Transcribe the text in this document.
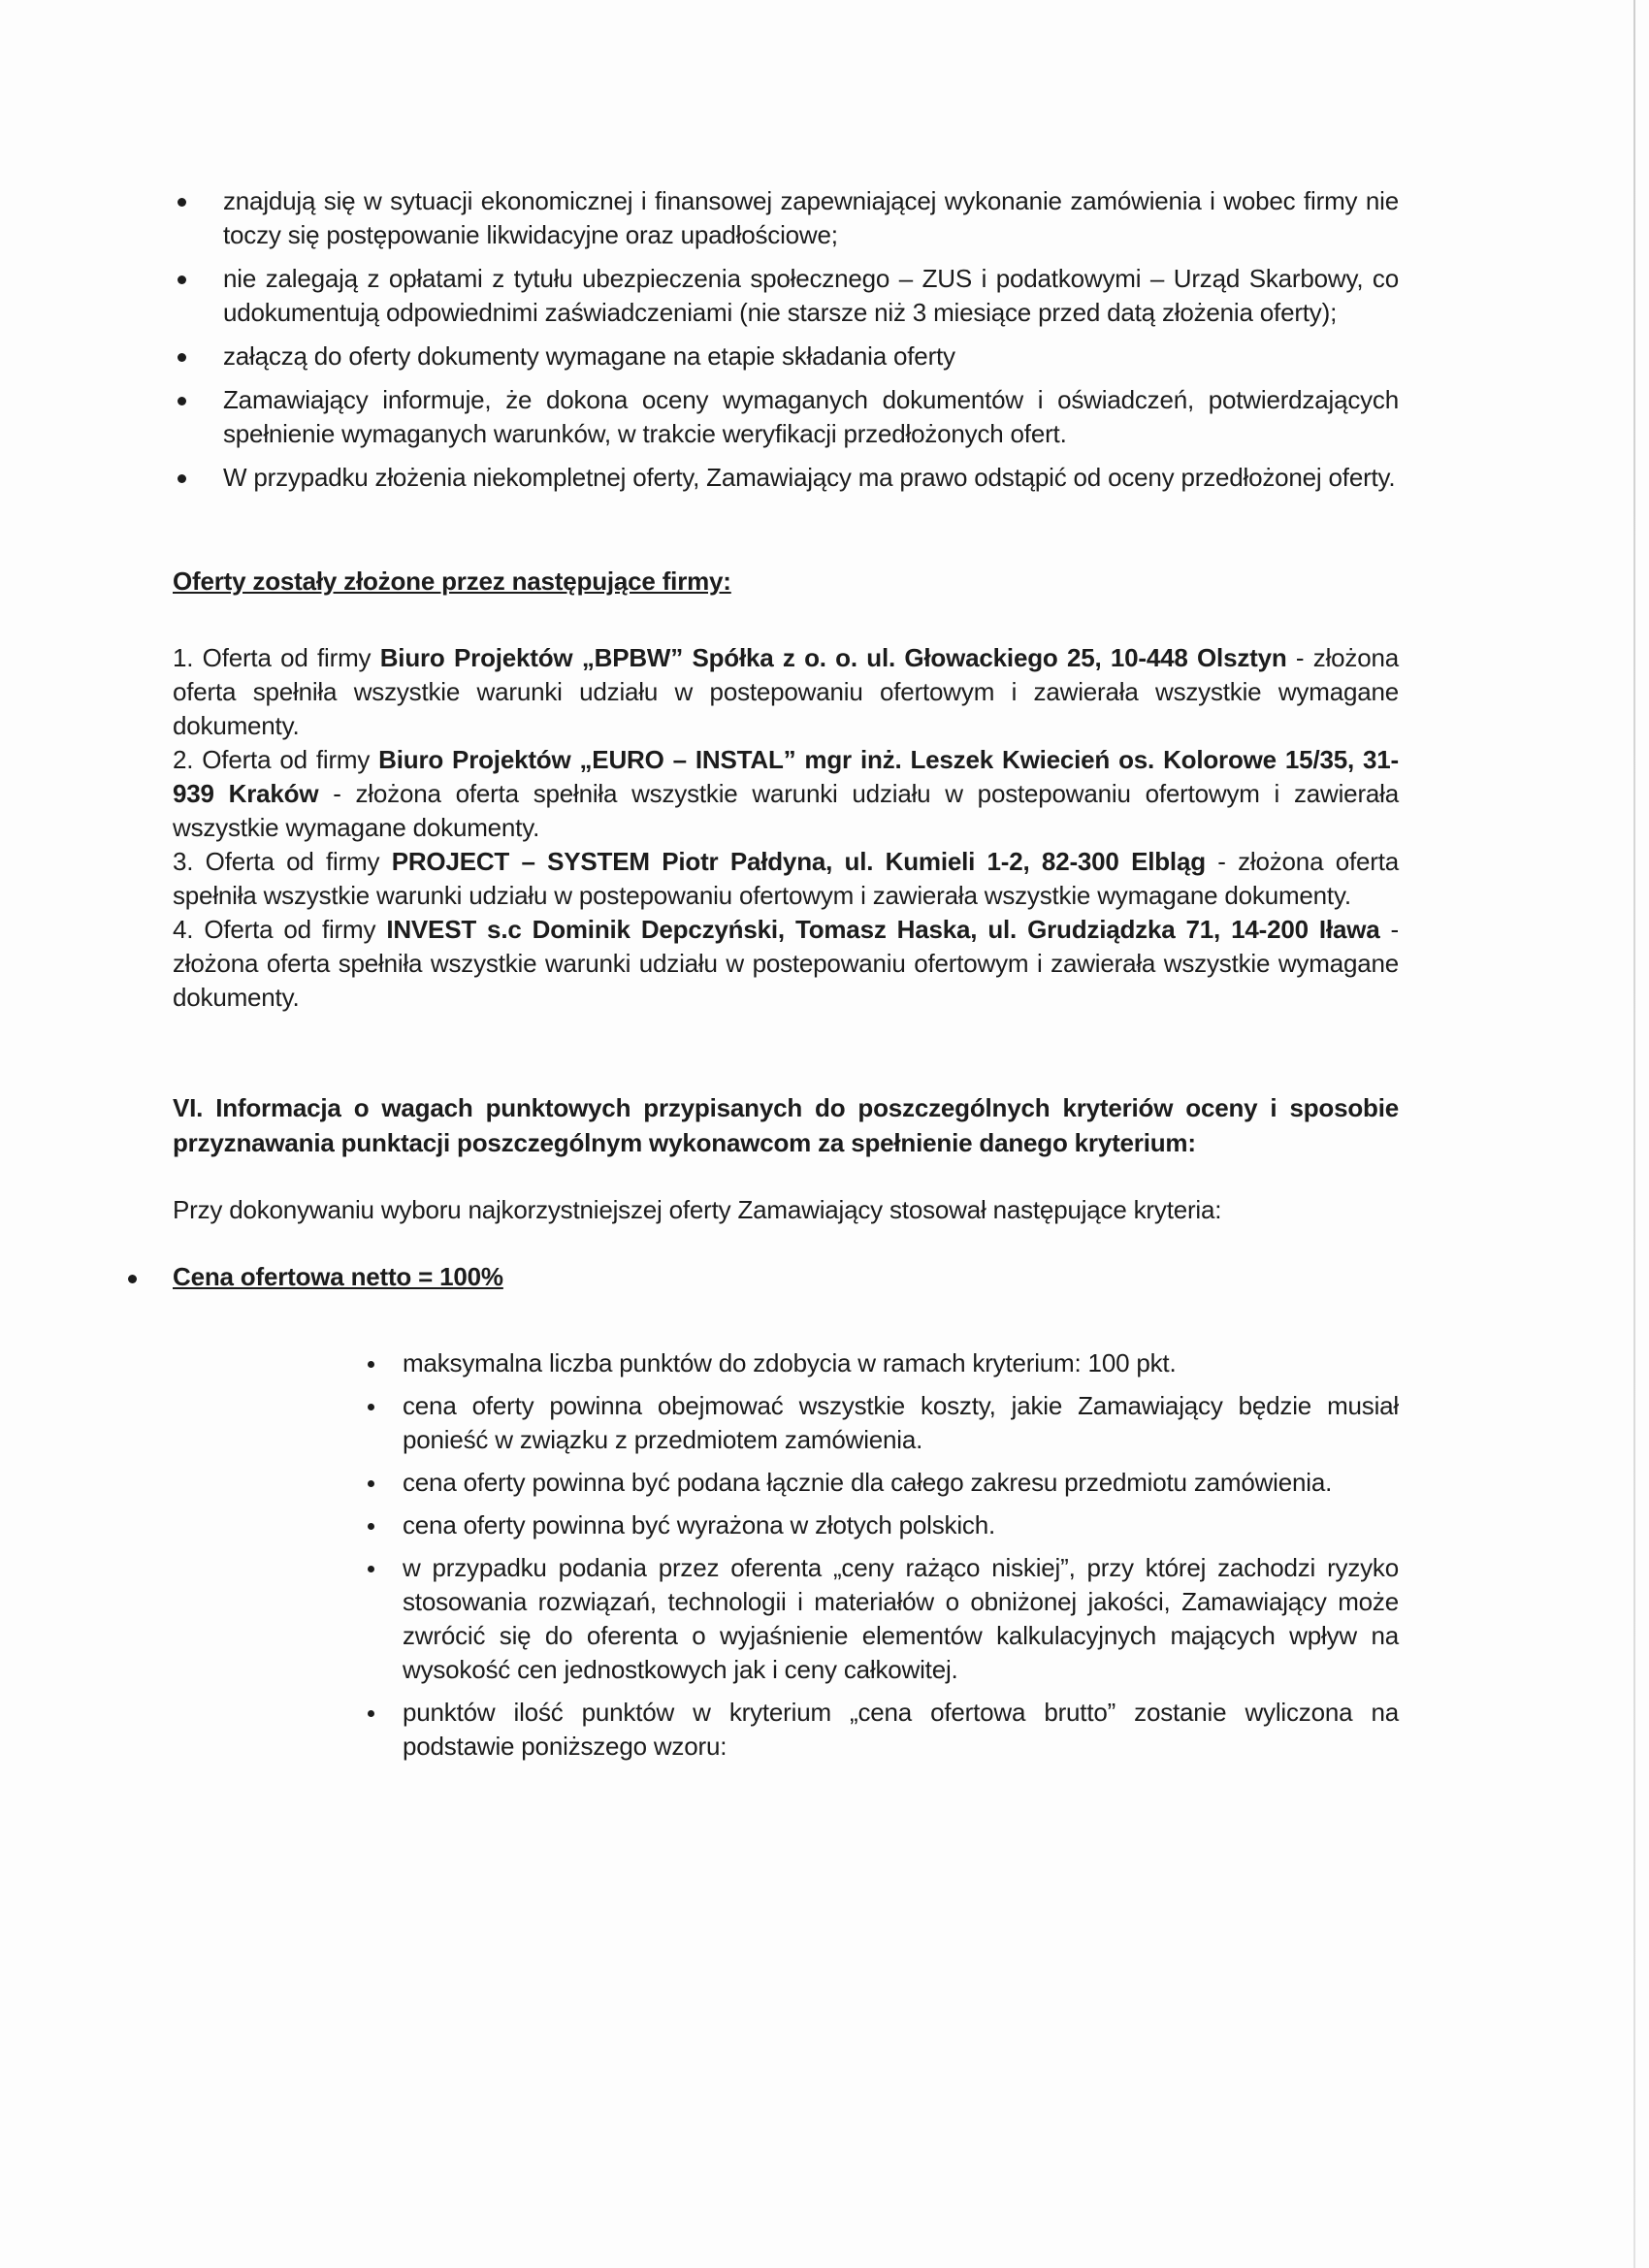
znajdują się w sytuacji ekonomicznej i finansowej zapewniającej wykonanie zamówienia i wobec firmy nie toczy się postępowanie likwidacyjne oraz upadłościowe;
nie zalegają z opłatami z tytułu ubezpieczenia społecznego – ZUS i podatkowymi – Urząd Skarbowy, co udokumentują odpowiednimi zaświadczeniami (nie starsze niż 3 miesiące przed datą złożenia oferty);
załączą do oferty dokumenty wymagane na etapie składania oferty
Zamawiający informuje, że dokona oceny wymaganych dokumentów i oświadczeń, potwierdzających spełnienie wymaganych warunków, w trakcie weryfikacji przedłożonych ofert.
W przypadku złożenia niekompletnej oferty, Zamawiający ma prawo odstąpić od oceny przedłożonej oferty.
Oferty zostały złożone przez następujące firmy:

1. Oferta od firmy Biuro Projektów „BPBW” Spółka z o. o. ul. Głowackiego 25, 10-448 Olsztyn - złożona oferta spełniła wszystkie warunki udziału w postepowaniu ofertowym i zawierała wszystkie wymagane dokumenty.

2. Oferta od firmy Biuro Projektów „EURO – INSTAL” mgr inż. Leszek Kwiecień os. Kolorowe 15/35, 31-939 Kraków - złożona oferta spełniła wszystkie warunki udziału w postepowaniu ofertowym i zawierała wszystkie wymagane dokumenty.

3. Oferta od firmy PROJECT – SYSTEM Piotr Pałdyna, ul. Kumieli 1-2, 82-300 Elbląg - złożona oferta spełniła wszystkie warunki udziału w postepowaniu ofertowym i zawierała wszystkie wymagane dokumenty.

4. Oferta od firmy INVEST s.c Dominik Depczyński, Tomasz Haska, ul. Grudziądzka 71, 14-200 Iława - złożona oferta spełniła wszystkie warunki udziału w postepowaniu ofertowym i zawierała wszystkie wymagane dokumenty.

VI. Informacja o wagach punktowych przypisanych do poszczególnych kryteriów oceny i sposobie przyznawania punktacji poszczególnym wykonawcom za spełnienie danego kryterium:
Przy dokonywaniu wyboru najkorzystniejszej oferty Zamawiający stosował następujące kryteria:
Cena ofertowa netto = 100%
maksymalna liczba punktów do zdobycia w ramach kryterium: 100 pkt.
cena oferty powinna obejmować wszystkie koszty, jakie Zamawiający będzie musiał ponieść w związku z przedmiotem zamówienia.
cena oferty powinna być podana łącznie dla całego zakresu przedmiotu zamówienia.
cena oferty powinna być wyrażona w złotych polskich.
w przypadku podania przez oferenta „ceny rażąco niskiej”, przy której zachodzi ryzyko stosowania rozwiązań, technologii i materiałów o obniżonej jakości, Zamawiający może zwrócić się do oferenta o wyjaśnienie elementów kalkulacyjnych mających wpływ na wysokość cen jednostkowych jak i ceny całkowitej.
punktów ilość punktów w kryterium „cena ofertowa brutto” zostanie wyliczona na podstawie poniższego wzoru:
